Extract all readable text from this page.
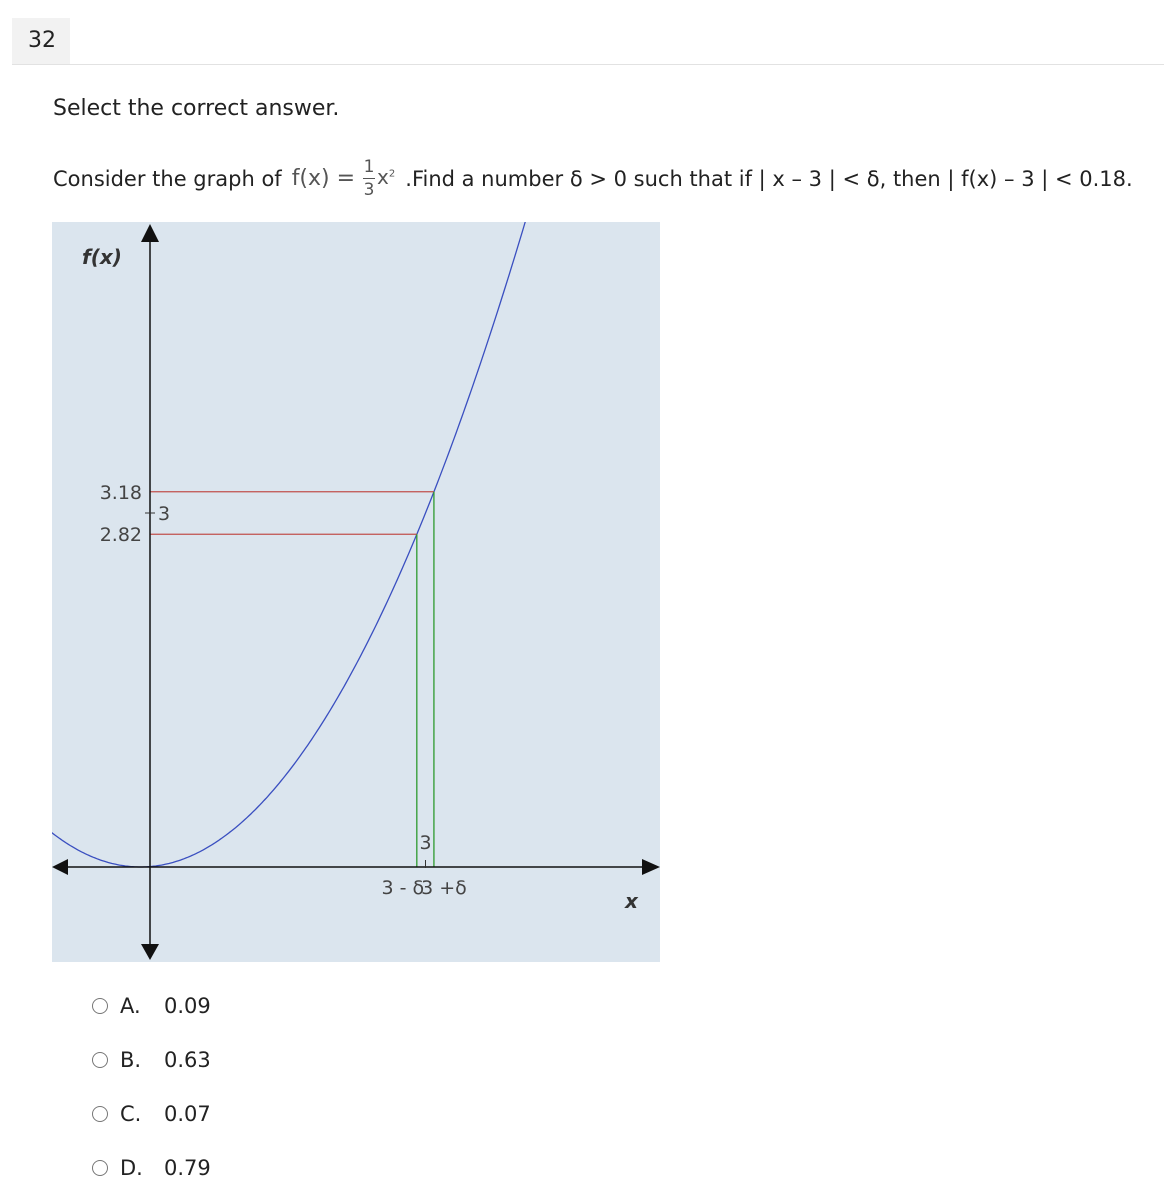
32
Select the correct answer.
Consider the graph of $f(x) = \frac{1}{3} x^2$ .Find a number δ > 0 such that if | x – 3 | < δ, then | f(x) – 3 | < 0.18.
f(x)
x
3.18
3
2.82
3 - δ
3
3 +δ
A.	0.09
B.	0.63
C.	0.07
D.	0.79
